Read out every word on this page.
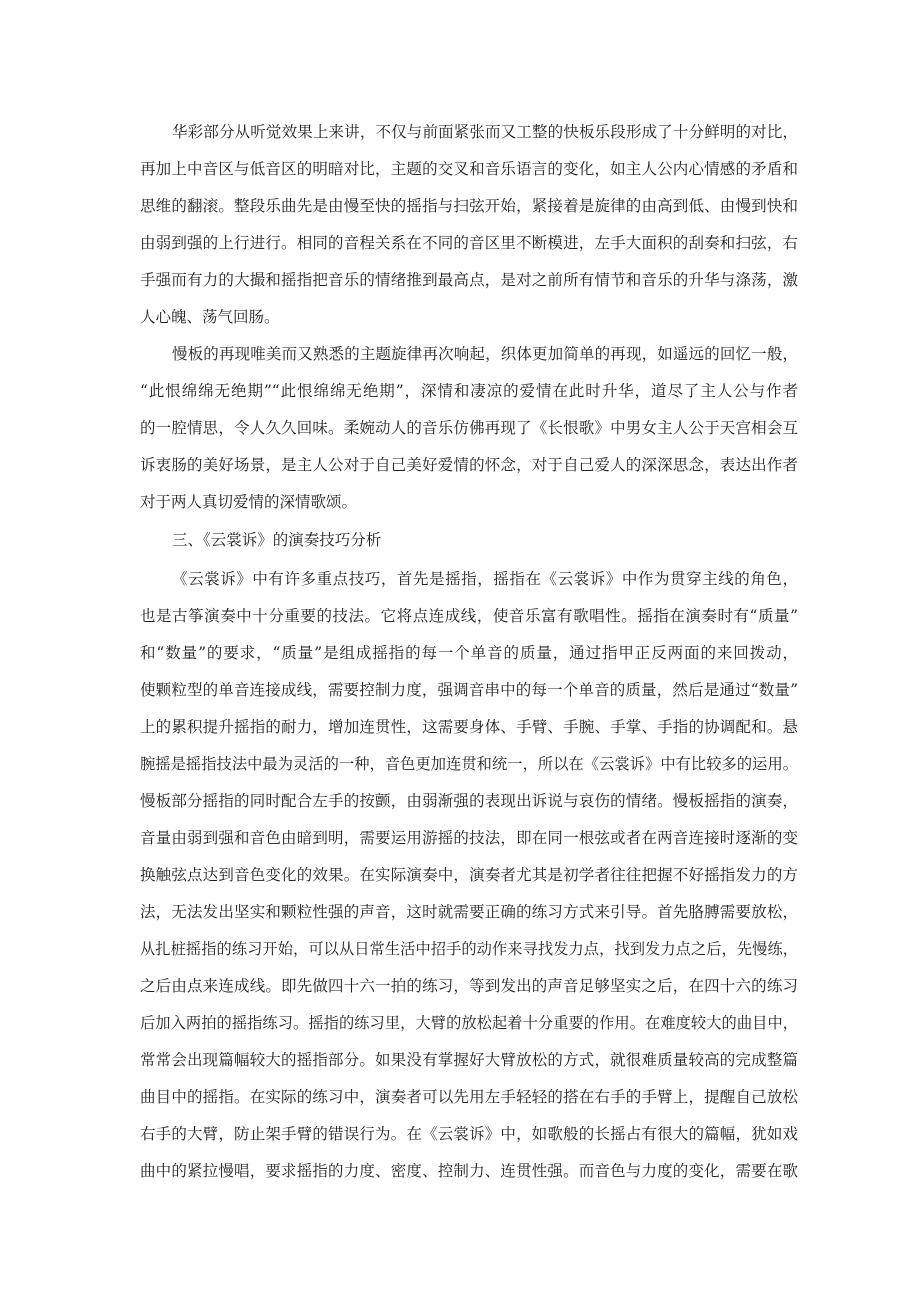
华彩部分从听觉效果上来讲，不仅与前面紧张而又工整的快板乐段形成了十分鲜明的对比，

再加上中音区与低音区的明暗对比，主题的交叉和音乐语言的变化，如主人公内心情感的矛盾和

思维的翻滚。整段乐曲先是由慢至快的摇指与扫弦开始，紧接着是旋律的由高到低、由慢到快和

由弱到强的上行进行。相同的音程关系在不同的音区里不断模进，左手大面积的刮奏和扫弦，右

手强而有力的大撮和摇指把音乐的情绪推到最高点，是对之前所有情节和音乐的升华与涤荡，激

人心魄、荡气回肠。

慢板的再现唯美而又熟悉的主题旋律再次响起，织体更加简单的再现，如遥远的回忆一般，

“此恨绵绵无绝期”“此恨绵绵无绝期”，深情和凄凉的爱情在此时升华，道尽了主人公与作者

的一腔情思，令人久久回味。柔婉动人的音乐仿佛再现了《长恨歌》中男女主人公于天宫相会互

诉衷肠的美好场景，是主人公对于自己美好爱情的怀念，对于自己爱人的深深思念，表达出作者

对于两人真切爱情的深情歌颂。

三、《云裳诉》的演奏技巧分析

《云裳诉》中有许多重点技巧，首先是摇指，摇指在《云裳诉》中作为贯穿主线的角色，

也是古筝演奏中十分重要的技法。它将点连成线，使音乐富有歌唱性。摇指在演奏时有“质量”

和“数量”的要求，“质量”是组成摇指的每一个单音的质量，通过指甲正反两面的来回拨动，

使颗粒型的单音连接成线，需要控制力度，强调音串中的每一个单音的质量，然后是通过“数量”

上的累积提升摇指的耐力，增加连贯性，这需要身体、手臂、手腕、手掌、手指的协调配和。悬

腕摇是摇指技法中最为灵活的一种，音色更加连贯和统一，所以在《云裳诉》中有比较多的运用。

慢板部分摇指的同时配合左手的按颤，由弱渐强的表现出诉说与哀伤的情绪。慢板摇指的演奏，

音量由弱到强和音色由暗到明，需要运用游摇的技法，即在同一根弦或者在两音连接时逐渐的变

换触弦点达到音色变化的效果。在实际演奏中，演奏者尤其是初学者往往把握不好摇指发力的方

法，无法发出坚实和颗粒性强的声音，这时就需要正确的练习方式来引导。首先胳膊需要放松，

从扎桩摇指的练习开始，可以从日常生活中招手的动作来寻找发力点，找到发力点之后，先慢练，

之后由点来连成线。即先做四十六一拍的练习，等到发出的声音足够坚实之后，在四十六的练习

后加入两拍的摇指练习。摇指的练习里，大臂的放松起着十分重要的作用。在难度较大的曲目中，

常常会出现篇幅较大的摇指部分。如果没有掌握好大臂放松的方式，就很难质量较高的完成整篇

曲目中的摇指。在实际的练习中，演奏者可以先用左手轻轻的搭在右手的手臂上，提醒自己放松

右手的大臂，防止架手臂的错误行为。在《云裳诉》中，如歌般的长摇占有很大的篇幅，犹如戏

曲中的紧拉慢唱，要求摇指的力度、密度、控制力、连贯性强。而音色与力度的变化，需要在歌
